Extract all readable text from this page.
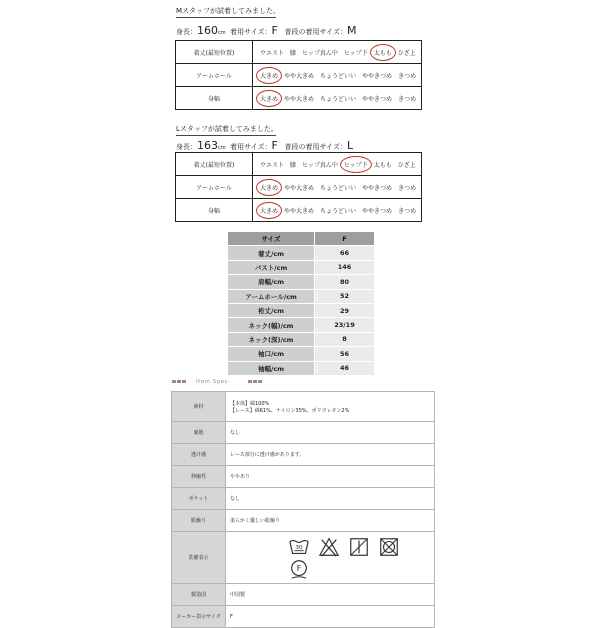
Mスタッフが試着してみました。
身長：160cm 着用サイズ：F 普段の着用サイズ：M
着丈(最短位置)	ウエスト 膝 ヒップ真ん中 ヒップ下 太もも ひざ上
アームホール	大きめ やや大きめ ちょうどいい ややきつめ きつめ
身幅	大きめ やや大きめ ちょうどいい ややきつめ きつめ
Lスタッフが試着してみました。
身長：163cm 着用サイズ：F 普段の着用サイズ：L
着丈(最短位置)	ウエスト 膝 ヒップ真ん中 ヒップ下 太もも ひざ上
アームホール	大きめ やや大きめ ちょうどいい ややきつめ きつめ
身幅	大きめ やや大きめ ちょうどいい ややきつめ きつめ
サイズ	F
着丈/cm	66
バスト/cm	146
肩幅/cm	80
アームホール/cm	52
裄丈/cm	29
ネック(幅)/cm	23/19
ネック(深)/cm	8
袖口/cm	56
袖幅/cm	46
Item Spec.
素材	【本体】綿100%
【レース】綿61%、ナイロン35%、ポリウレタン2%

裏地	なし

透け感	レース部分に透け感があります。

伸縮性	ややあり

ポケット	なし

肌触り	柔らかく優しい肌触り

洗濯表示	30
F

製造国	中国製

メーカー表示サイズ	F
